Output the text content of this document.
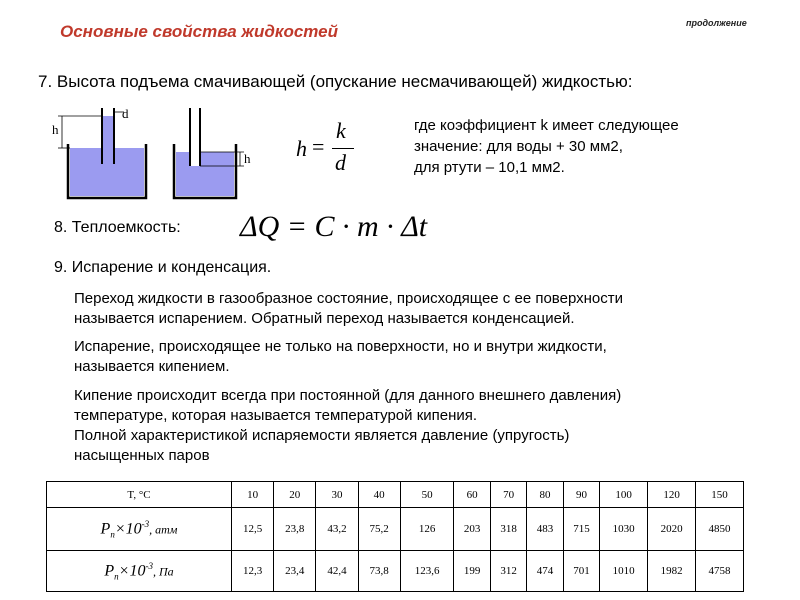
Основные свойства жидкостей	продолжение
7. Высота подъема смачивающей (опускание несмачивающей) жидкостью:
h
d
h h =
k
d
где коэффициент k имеет следующее
значение: для воды + 30 мм2,
для ртути – 10,1 мм2.
8. Теплоемкость: ΔQ = C · m · Δt
9. Испарение и конденсация.
Переход жидкости в газообразное состояние, происходящее с ее поверхности
называется испарением. Обратный переход называется конденсацией.
Испарение, происходящее не только на поверхности, но и внутри жидкости,
называется кипением.
Кипение происходит всегда при постоянной (для данного внешнего давления)
температуре, которая называется температурой кипения.
Полной характеристикой испаряемости является давление (упругость)
насыщенных паров
T, °C	10	20	30	40	50	60	70	80	90	100	120	150
$P_п\times 10^{-3}$, атм	12,5	23,8	43,2	75,2	126	203	318	483	715	1030	2020	4850
$P_п\times 10^{-3}$, Па	12,3	23,4	42,4	73,8	123,6	199	312	474	701	1010	1982	4758
